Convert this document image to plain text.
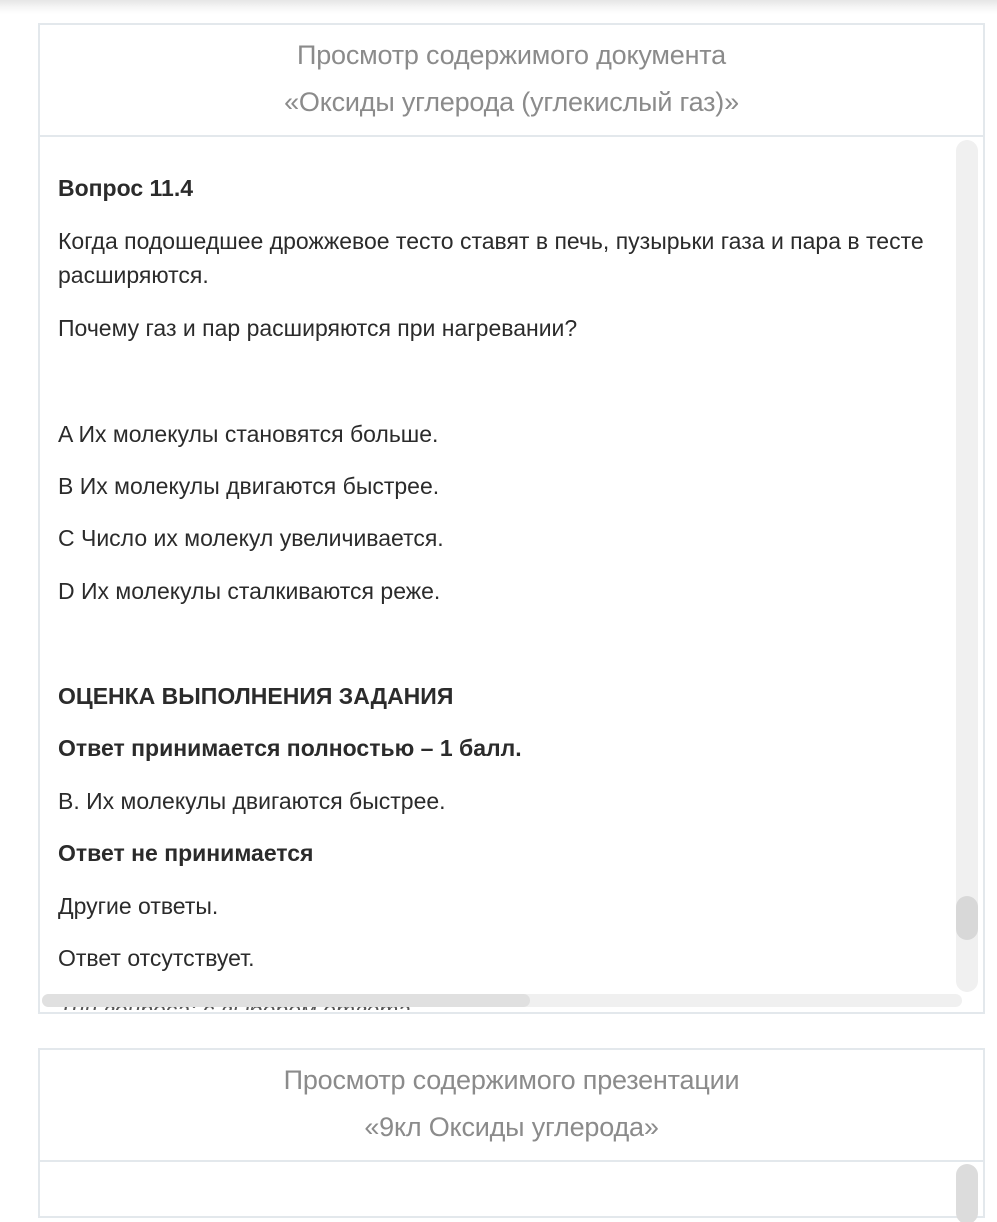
Просмотр содержимого документа
«Оксиды углерода (углекислый газ)»

Вопрос 11.4

Когда подошедшее дрожжевое тесто ставят в печь, пузырьки газа и пара в тесте расширяются.

Почему газ и пар расширяются при нагревании?

A Их молекулы становятся больше.

B Их молекулы двигаются быстрее.

C Число их молекул увеличивается.

D Их молекулы сталкиваются реже.

ОЦЕНКА ВЫПОЛНЕНИЯ ЗАДАНИЯ

Ответ принимается полностью – 1 балл.

B. Их молекулы двигаются быстрее.

Ответ не принимается

Другие ответы.

Ответ отсутствует.

Просмотр содержимого презентации
«9кл Оксиды углерода»
